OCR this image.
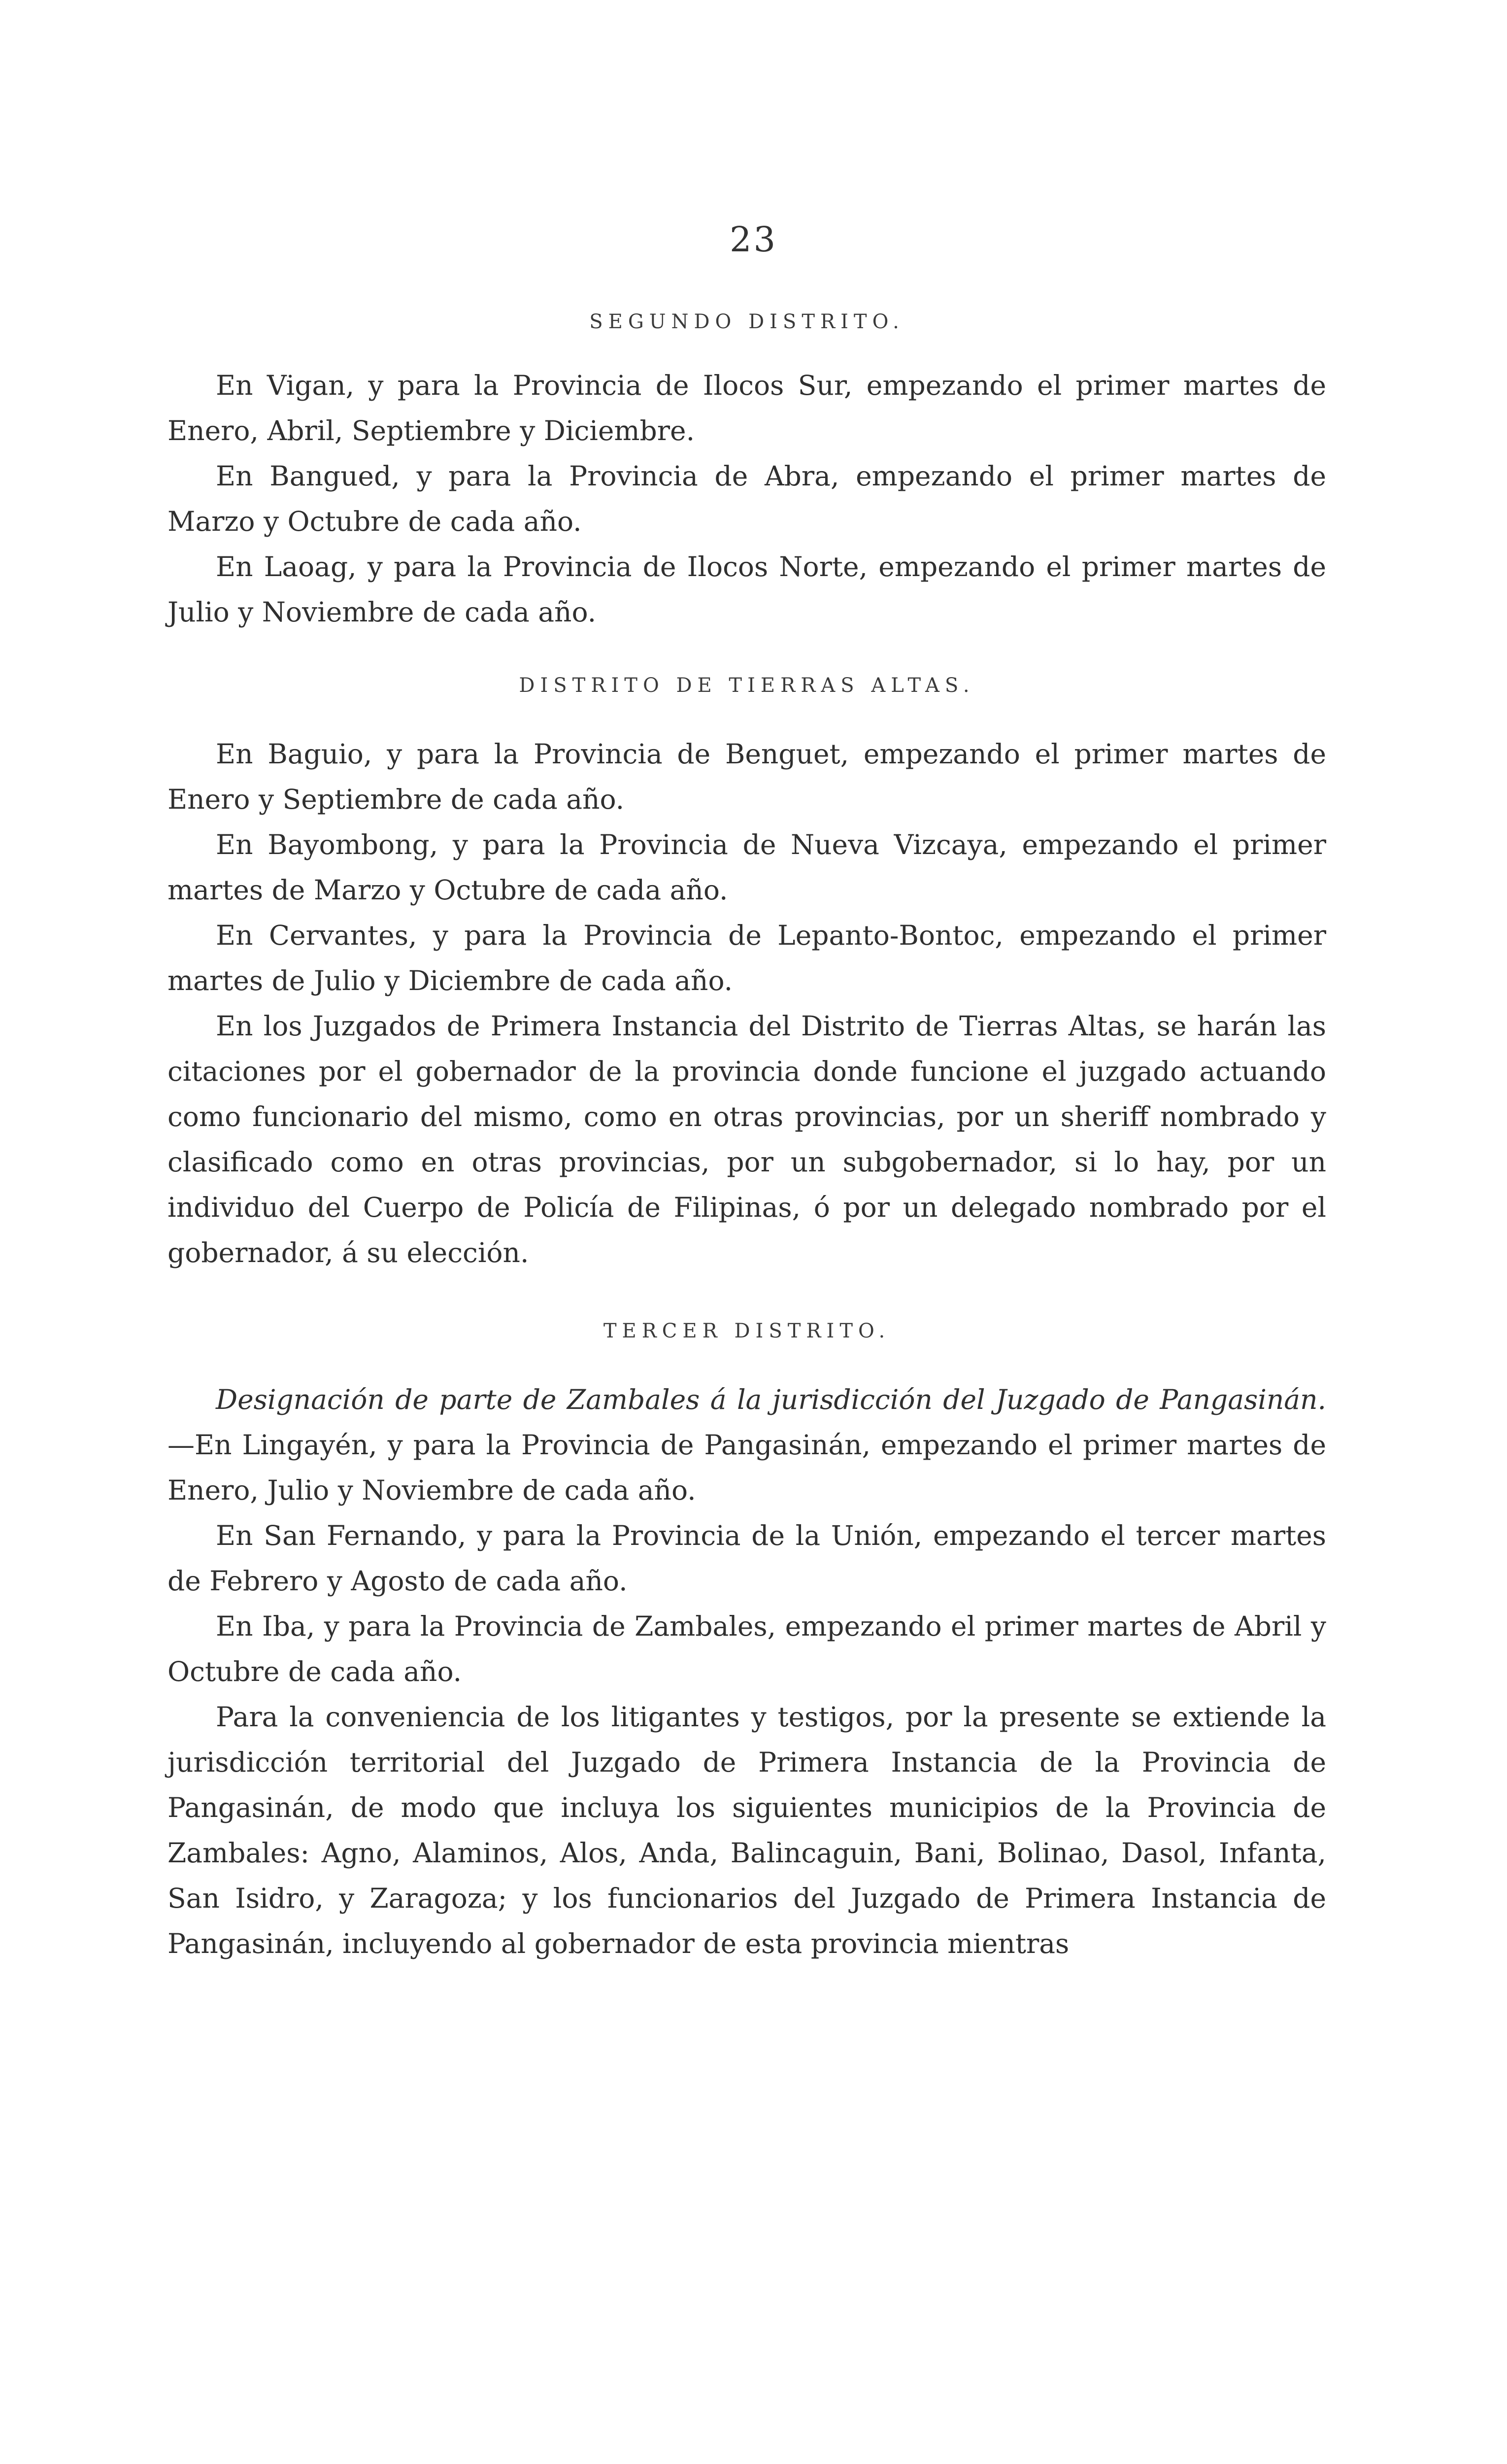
23
SEGUNDO DISTRITO.

En Vigan, y para la Provincia de Ilocos Sur, empezando el primer martes de Enero, Abril, Septiembre y Diciembre.

En Bangued, y para la Provincia de Abra, empezando el primer martes de Marzo y Octubre de cada año.

En Laoag, y para la Provincia de Ilocos Norte, empezando el primer martes de Julio y Noviembre de cada año.

DISTRITO DE TIERRAS ALTAS.

En Baguio, y para la Provincia de Benguet, empezando el primer martes de Enero y Septiembre de cada año.

En Bayombong, y para la Provincia de Nueva Vizcaya, empezando el primer martes de Marzo y Octubre de cada año.

En Cervantes, y para la Provincia de Lepanto-Bontoc, empezando el primer martes de Julio y Diciembre de cada año.

En los Juzgados de Primera Instancia del Distrito de Tierras Altas, se harán las citaciones por el gobernador de la provincia donde funcione el juzgado actuando como funcionario del mismo, como en otras provincias, por un sheriff nombrado y clasificado como en otras provincias, por un subgobernador, si lo hay, por un individuo del Cuerpo de Policía de Filipinas, ó por un delegado nombrado por el gobernador, á su elección.

TERCER DISTRITO.

Designación de parte de Zambales á la jurisdicción del Juzgado de Pangasinán.—En Lingayén, y para la Provincia de Pangasinán, empezando el primer martes de Enero, Julio y Noviembre de cada año.

En San Fernando, y para la Provincia de la Unión, empezando el tercer martes de Febrero y Agosto de cada año.

En Iba, y para la Provincia de Zambales, empezando el primer martes de Abril y Octubre de cada año.

Para la conveniencia de los litigantes y testigos, por la presente se extiende la jurisdicción territorial del Juzgado de Primera Instancia de la Provincia de Pangasinán, de modo que incluya los siguientes municipios de la Provincia de Zambales: Agno, Alaminos, Alos, Anda, Balincaguin, Bani, Bolinao, Dasol, Infanta, San Isidro, y Zaragoza; y los funcionarios del Juzgado de Primera Instancia de Pangasinán, incluyendo al gobernador de esta provincia mientras
